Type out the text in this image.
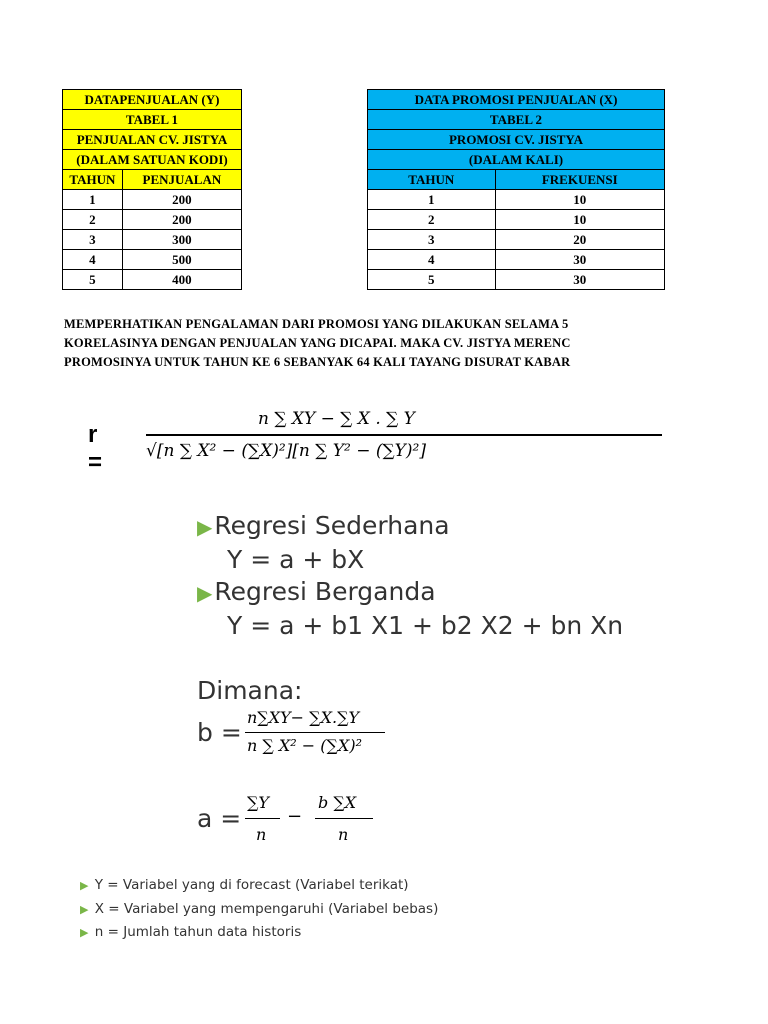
DATAPENJUALAN (Y)	
TABEL 1	
PENJUALAN CV. JISTYA	
(DALAM SATUAN KODI)	
TAHUN	PENJUALAN
1	200
2	200
3	300
4	500
5	400
DATA PROMOSI PENJUALAN (X)	
TABEL 2	
PROMOSI CV. JISTYA	
(DALAM KALI)	
TAHUN	FREKUENSI
1	10
2	10
3	20
4	30
5	30
MEMPERHATIKAN PENGALAMAN DARI PROMOSI YANG DILAKUKAN SELAMA 5
KORELASINYA DENGAN PENJUALAN YANG DICAPAI. MAKA CV. JISTYA MERENC
PROMOSINYA UNTUK TAHUN KE 6 SEBANYAK 64 KALI TAYANG DISURAT KABAR
r =
n ∑ XY − ∑ X . ∑ Y
√[n ∑ X² − (∑X)²][n ∑ Y² − (∑Y)²]
▶Regresi Sederhana
Y = a + bX
▶Regresi Berganda
Y = a + b1 X1 + b2 X2 + bn Xn
Dimana:
b =
n∑XY− ∑X.∑Y
n ∑ X² − (∑X)²
a =
∑Y
n
−
b ∑X
n
▶ Y = Variabel yang di forecast (Variabel terikat)
▶ X = Variabel yang mempengaruhi (Variabel bebas)
▶ n = Jumlah tahun data historis
